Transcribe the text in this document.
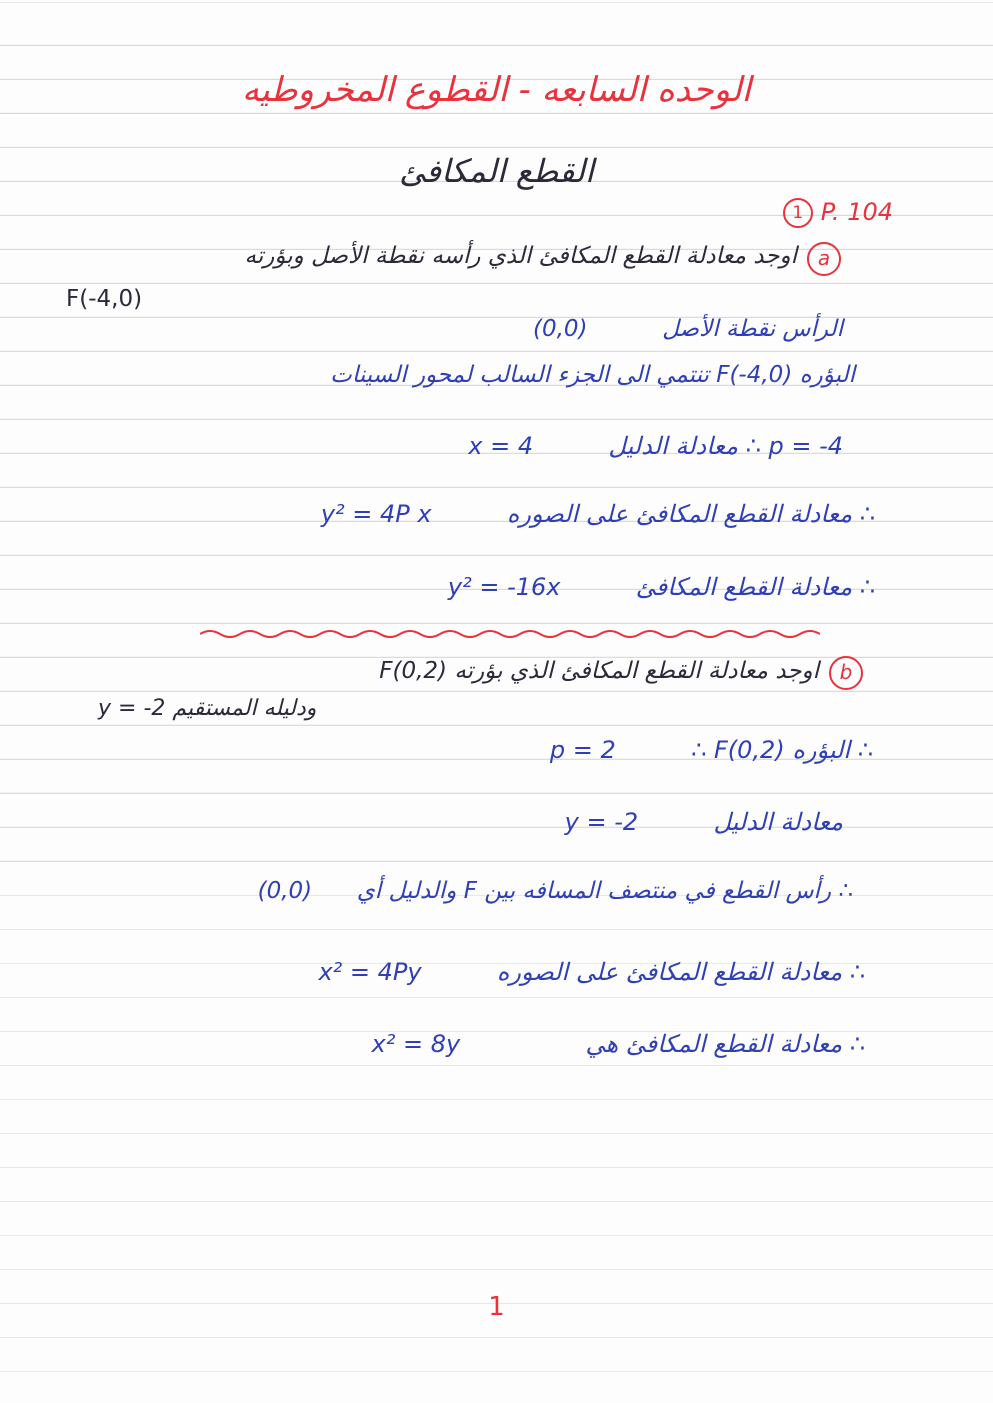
الوحده السابعه - القطوع المخروطيه
القطع المكافئ
1 P. 104
a
اوجد معادلة القطع المكافئ الذي رأسه نقطة الأصل وبؤرته
F(-4,0)
الرأس نقطة الأصل  (0,0)
البؤره F(-4,0) تنتمي الى الجزء السالب لمحور السينات
p = -4 ∴ معادلة الدليل  x = 4
∴ معادلة القطع المكافئ على الصوره  y² = 4P x
∴ معادلة القطع المكافئ  y² = -16x
b
اوجد معادلة القطع المكافئ الذي بؤرته F(0,2)
ودليله المستقيم y = -2
∴ البؤره F(0,2) ∴  p = 2
معادلة الدليل  y = -2
∴ رأس القطع في منتصف المسافه بين F والدليل أي  (0,0)
∴ معادلة القطع المكافئ على الصوره  x² = 4Py
∴ معادلة القطع المكافئ هي  x² = 8y
1
